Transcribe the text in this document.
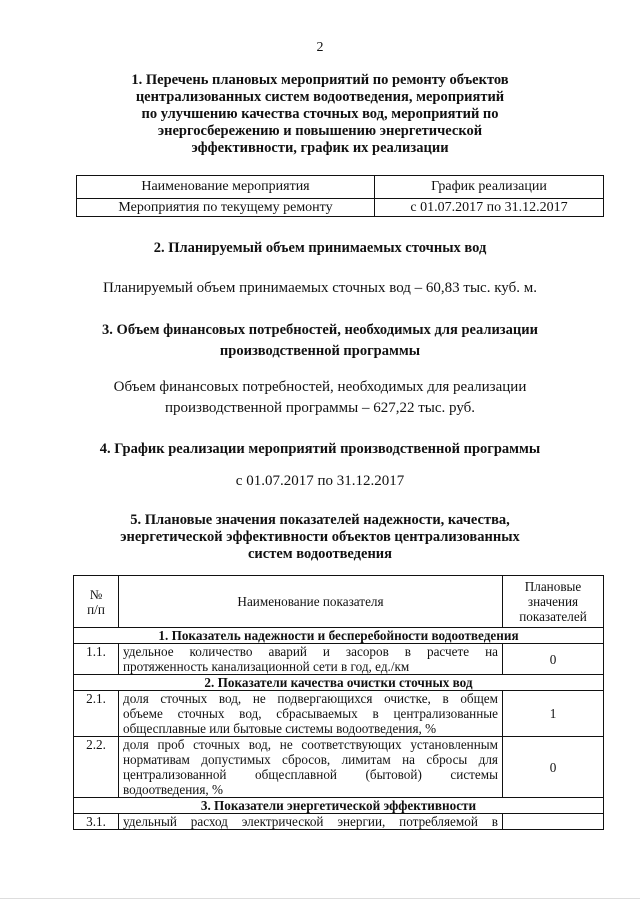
2
1. Перечень плановых мероприятий по ремонту объектов
централизованных систем водоотведения, мероприятий
по улучшению качества сточных вод, мероприятий по
энергосбережению и повышению энергетической
эффективности, график их реализации
Наименование мероприятия	График реализации
Мероприятия по текущему ремонту	с 01.07.2017 по 31.12.2017
2. Планируемый объем принимаемых сточных вод
Планируемый объем принимаемых сточных вод – 60,83 тыс. куб. м.
3. Объем финансовых потребностей, необходимых для реализации
производственной программы
Объем финансовых потребностей, необходимых для реализации
производственной программы – 627,22 тыс. руб.
4. График реализации мероприятий производственной программы
с 01.07.2017 по 31.12.2017
5. Плановые значения показателей надежности, качества,
энергетической эффективности объектов централизованных
систем водоотведения
№
п/п	Наименование показателя	Плановые
значения
показателей

1. Показатель надежности и бесперебойности водоотведения		
1.1.	удельное количество аварий и засоров в расчете на
протяженность канализационной сети в год, ед./км	0
2. Показатели качества очистки сточных вод		
2.1.	доля сточных вод, не подвергающихся очистке, в общем
объеме сточных вод, сбрасываемых в централизованные
общесплавные или бытовые системы водоотведения, %	1
2.2.	доля проб сточных вод, не соответствующих установленным
нормативам допустимых сбросов, лимитам на сбросы для
централизованной общесплавной (бытовой) системы
водоотведения, %	0
3. Показатели энергетической эффективности		
3.1.	удельный расход электрической энергии, потребляемой в	
